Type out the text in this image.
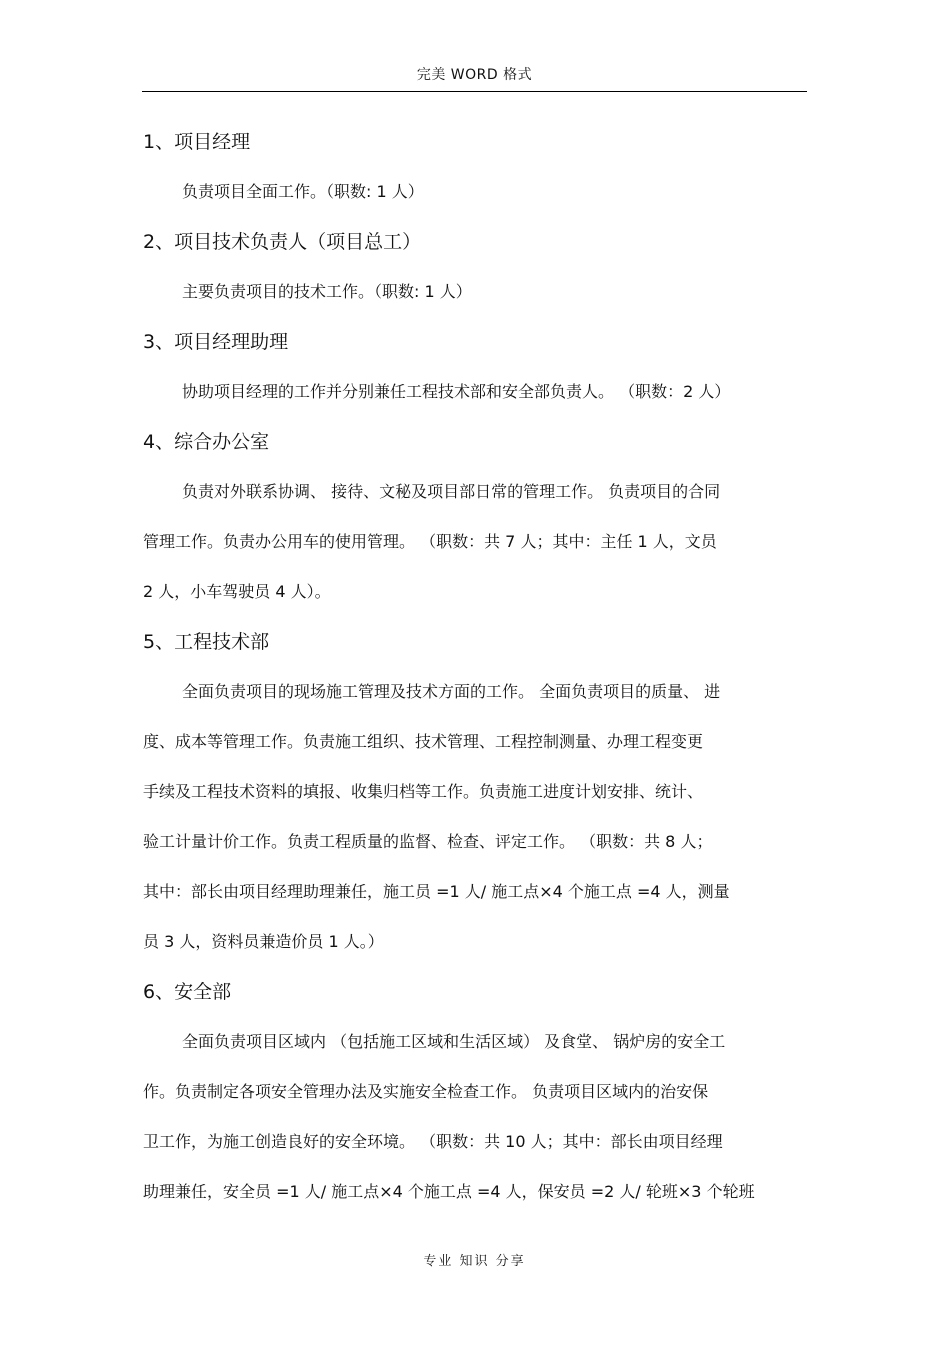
完美 WORD 格式
1、项目经理
负责项目全面工作。（职数: 1 人）
2、项目技术负责人（项目总工）
主要负责项目的技术工作。（职数: 1 人）
3、项目经理助理
协助项目经理的工作并分别兼任工程技术部和安全部负责人。 （职数：2 人）
4、综合办公室
负责对外联系协调、 接待、文秘及项目部日常的管理工作。 负责项目的合同
管理工作。负责办公用车的使用管理。 （职数：共 7 人；其中：主任 1 人，文员
2 人，小车驾驶员 4 人）。
5、工程技术部
全面负责项目的现场施工管理及技术方面的工作。 全面负责项目的质量、 进
度、成本等管理工作。负责施工组织、技术管理、工程控制测量、办理工程变更
手续及工程技术资料的填报、收集归档等工作。负责施工进度计划安排、统计、
验工计量计价工作。负责工程质量的监督、检查、评定工作。 （职数：共 8 人；
其中：部长由项目经理助理兼任，施工员 =1 人/ 施工点×4 个施工点 =4 人，测量
员 3 人，资料员兼造价员 1 人。）
6、安全部
全面负责项目区域内 （包括施工区域和生活区域） 及食堂、 锅炉房的安全工
作。负责制定各项安全管理办法及实施安全检查工作。 负责项目区域内的治安保
卫工作，为施工创造良好的安全环境。 （职数：共 10 人；其中：部长由项目经理
助理兼任，安全员 =1 人/ 施工点×4 个施工点 =4 人，保安员 =2 人/ 轮班×3 个轮班
专业 知识 分享
